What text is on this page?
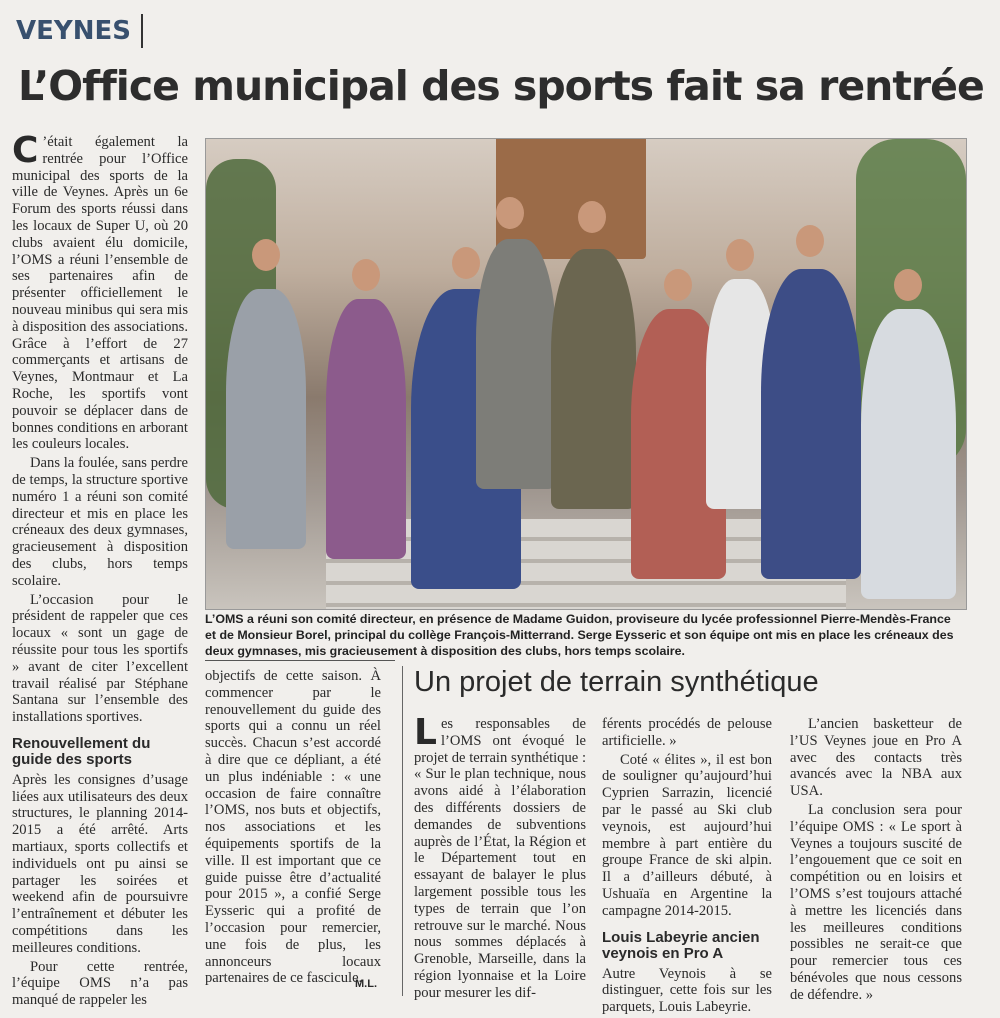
VEYNES
L’Office municipal des sports fait sa rentrée

C ’était également la rentrée pour l’Office municipal des sports de la ville de Veynes. Après un 6e Forum des sports réussi dans les locaux de Super U, où 20 clubs avaient élu domicile, l’OMS a réuni l’ensemble de ses partenaires afin de présenter officiellement le nouveau minibus qui sera mis à disposition des associations. Grâce à l’effort de 27 commerçants et artisans de Veynes, Montmaur et La Roche, les sportifs vont pouvoir se déplacer dans de bonnes conditions en arborant les couleurs locales.

Dans la foulée, sans perdre de temps, la structure sportive numéro 1 a réuni son comité directeur et mis en place les créneaux des deux gymnases, gracieusement à disposition des clubs, hors temps scolaire.

L’occasion pour le président de rappeler que ces locaux « sont un gage de réussite pour tous les sportifs » avant de citer l’excellent travail réalisé par Stéphane Santana sur l’ensemble des installations sportives.

Renouvellement du guide des sports

Après les consignes d’usage liées aux utilisateurs des deux structures, le planning 2014-2015 a été arrêté. Arts martiaux, sports collectifs et individuels ont pu ainsi se partager les soirées et weekend afin de poursuivre l’entraînement et débuter les compétitions dans les meilleures conditions.

Pour cette rentrée, l’équipe OMS n’a pas manqué de rappeler les

L’OMS a réuni son comité directeur, en présence de Madame Guidon, proviseure du lycée professionnel Pierre-Mendès-France et de Monsieur Borel, principal du collège François-Mitterrand. Serge Eysseric et son équipe ont mis en place les créneaux des deux gymnases, mis gracieusement à disposition des clubs, hors temps scolaire.

objectifs de cette saison. À commencer par le renouvellement du guide des sports qui a connu un réel succès. Chacun s’est accordé à dire que ce dépliant, a été un plus indéniable : « une occasion de faire connaître l’OMS, nos buts et objectifs, nos associations et les équipements sportifs de la ville. Il est important que ce guide puisse être d’actualité pour 2015 », a confié Serge Eysseric qui a profité de l’occasion pour remercier, une fois de plus, les annonceurs locaux partenaires de ce fascicule.

M.L.
Un projet de terrain synthétique

Les responsables de l’OMS ont évoqué le projet de terrain synthétique : « Sur le plan technique, nous avons aidé à l’élaboration des différents dossiers de demandes de subventions auprès de l’État, la Région et le Département tout en essayant de balayer le plus largement possible tous les types de terrain que l’on retrouve sur le marché. Nous nous sommes déplacés à Grenoble, Marseille, dans la région lyonnaise et la Loire pour mesurer les dif-

férents procédés de pelouse artificielle. »

Coté « élites », il est bon de souligner qu’aujourd’hui Cyprien Sarrazin, licencié par le passé au Ski club veynois, est aujourd’hui membre à part entière du groupe France de ski alpin. Il a d’ailleurs débuté, à Ushuaïa en Argentine la campagne 2014-2015.

Louis Labeyrie ancien veynois en Pro A

Autre Veynois à se distinguer, cette fois sur les parquets, Louis Labeyrie.

L’ancien basketteur de l’US Veynes joue en Pro A avec des contacts très avancés avec la NBA aux USA.

La conclusion sera pour l’équipe OMS : « Le sport à Veynes a toujours suscité de l’engouement que ce soit en compétition ou en loisirs et l’OMS s’est toujours attaché à mettre les licenciés dans les meilleures conditions possibles ne serait-ce que pour remercier tous ces bénévoles que nous cessons de défendre. »
